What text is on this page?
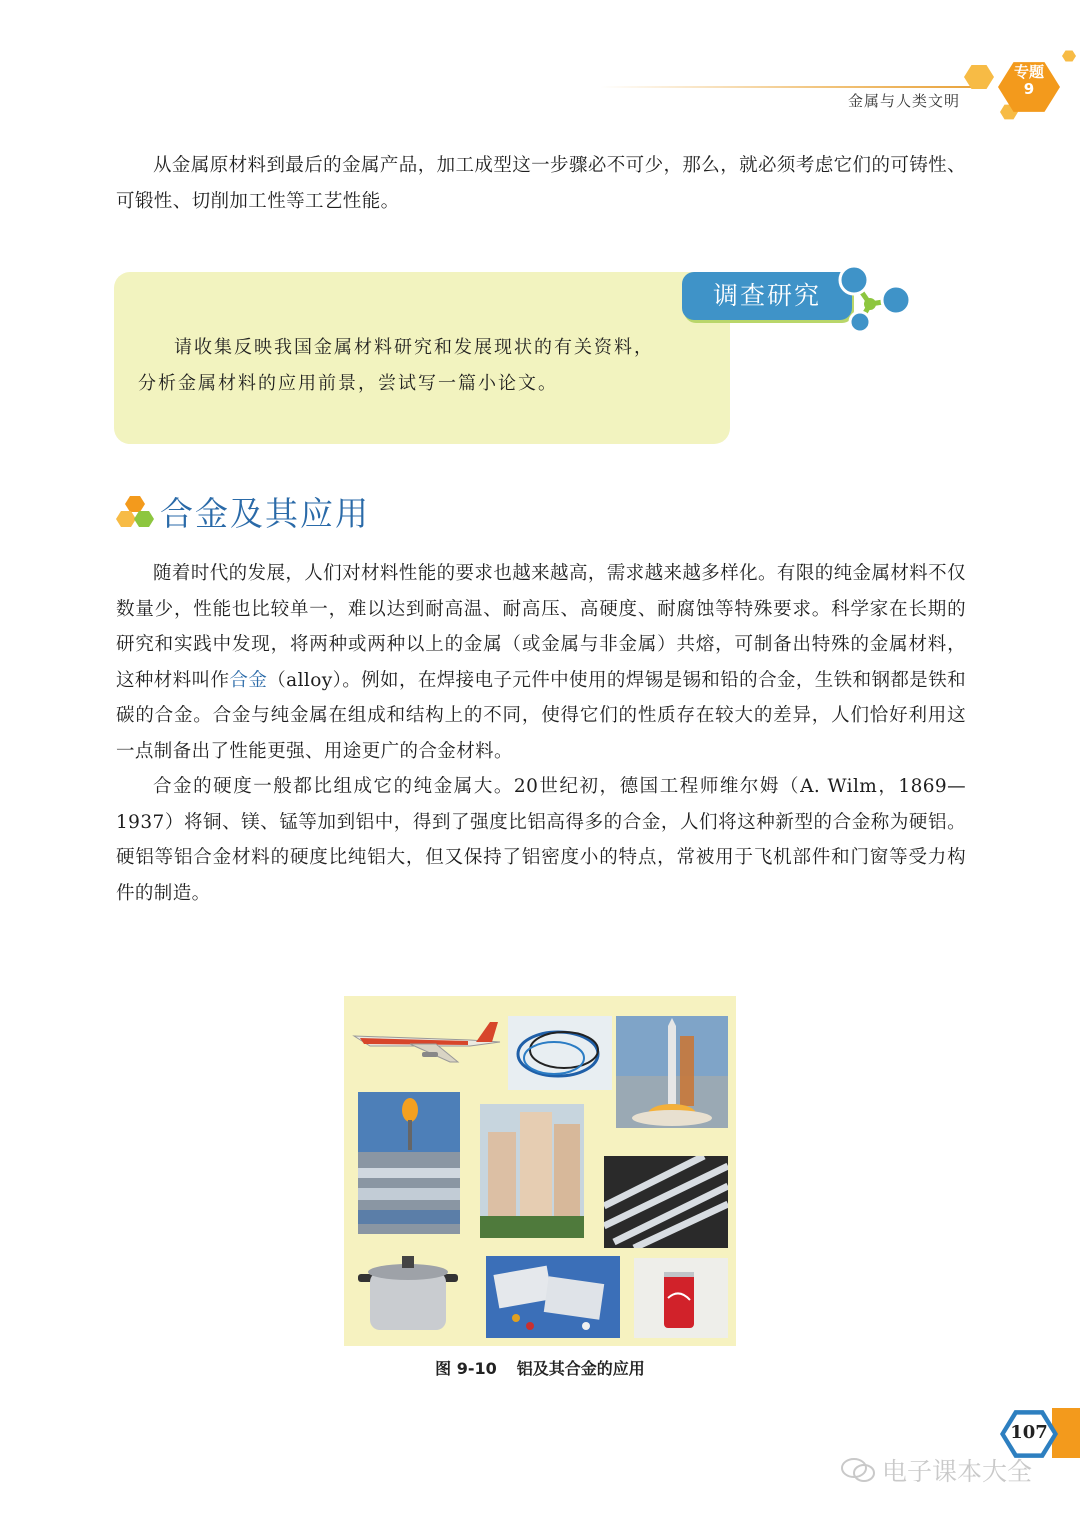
金属与人类文明
专题
9

从金属原材料到最后的金属产品，加工成型这一步骤必不可少，那么，就必须考虑它们的可铸性、可锻性、切削加工性等工艺性能。

调查研究

请收集反映我国金属材料研究和发展现状的有关资料，

分析金属材料的应用前景，尝试写一篇小论文。

合金及其应用

随着时代的发展，人们对材料性能的要求也越来越高，需求越来越多样化。有限的纯金属材料不仅数量少，性能也比较单一，难以达到耐高温、耐高压、高硬度、耐腐蚀等特殊要求。科学家在长期的研究和实践中发现，将两种或两种以上的金属（或金属与非金属）共熔，可制备出特殊的金属材料，这种材料叫作合金（alloy）。例如，在焊接电子元件中使用的焊锡是锡和铅的合金，生铁和钢都是铁和碳的合金。合金与纯金属在组成和结构上的不同，使得它们的性质存在较大的差异，人们恰好利用这一点制备出了性能更强、用途更广的合金材料。

合金的硬度一般都比组成它的纯金属大。20世纪初，德国工程师维尔姆（A. Wilm，1869—1937）将铜、镁、锰等加到铝中，得到了强度比铝高得多的合金，人们将这种新型的合金称为硬铝。硬铝等铝合金材料的硬度比纯铝大，但又保持了铝密度小的特点，常被用于飞机部件和门窗等受力构件的制造。

图 9-10 铝及其合金的应用
107
电子课本大全
